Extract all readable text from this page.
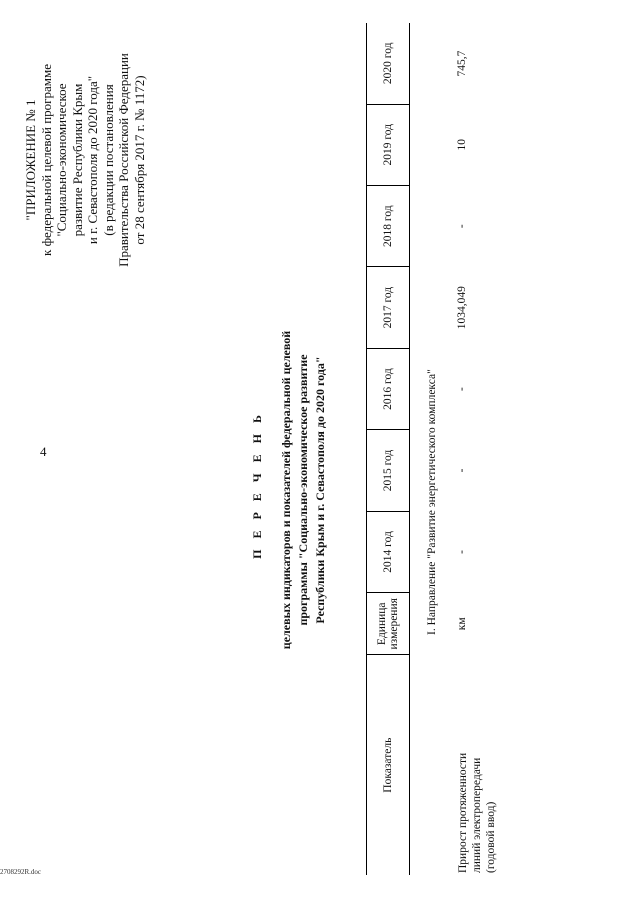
4
2708292R.doc
"ПРИЛОЖЕНИЕ № 1 к федеральной целевой программе "Социально-экономическое развитие Республики Крым и г. Севастополя до 2020 года" (в редакции постановления Правительства Российской Федерации от 28 сентября 2017 г. № 1172)
П Е Р Е Ч Е Н Ь целевых индикаторов и показателей федеральной целевой программы "Социально-экономическое развитие Республики Крым и г. Севастополя до 2020 года"
Показатель	Единица измерения	2014 год	2015 год	2016 год	2017 год	2018 год	2019 год	2020 год
I. Направление "Развитие энергетического комплекса"								

Прирост протяженности линий электропередачи (годовой ввод)	км	-	-	-	1034,049	-	10	745,7
